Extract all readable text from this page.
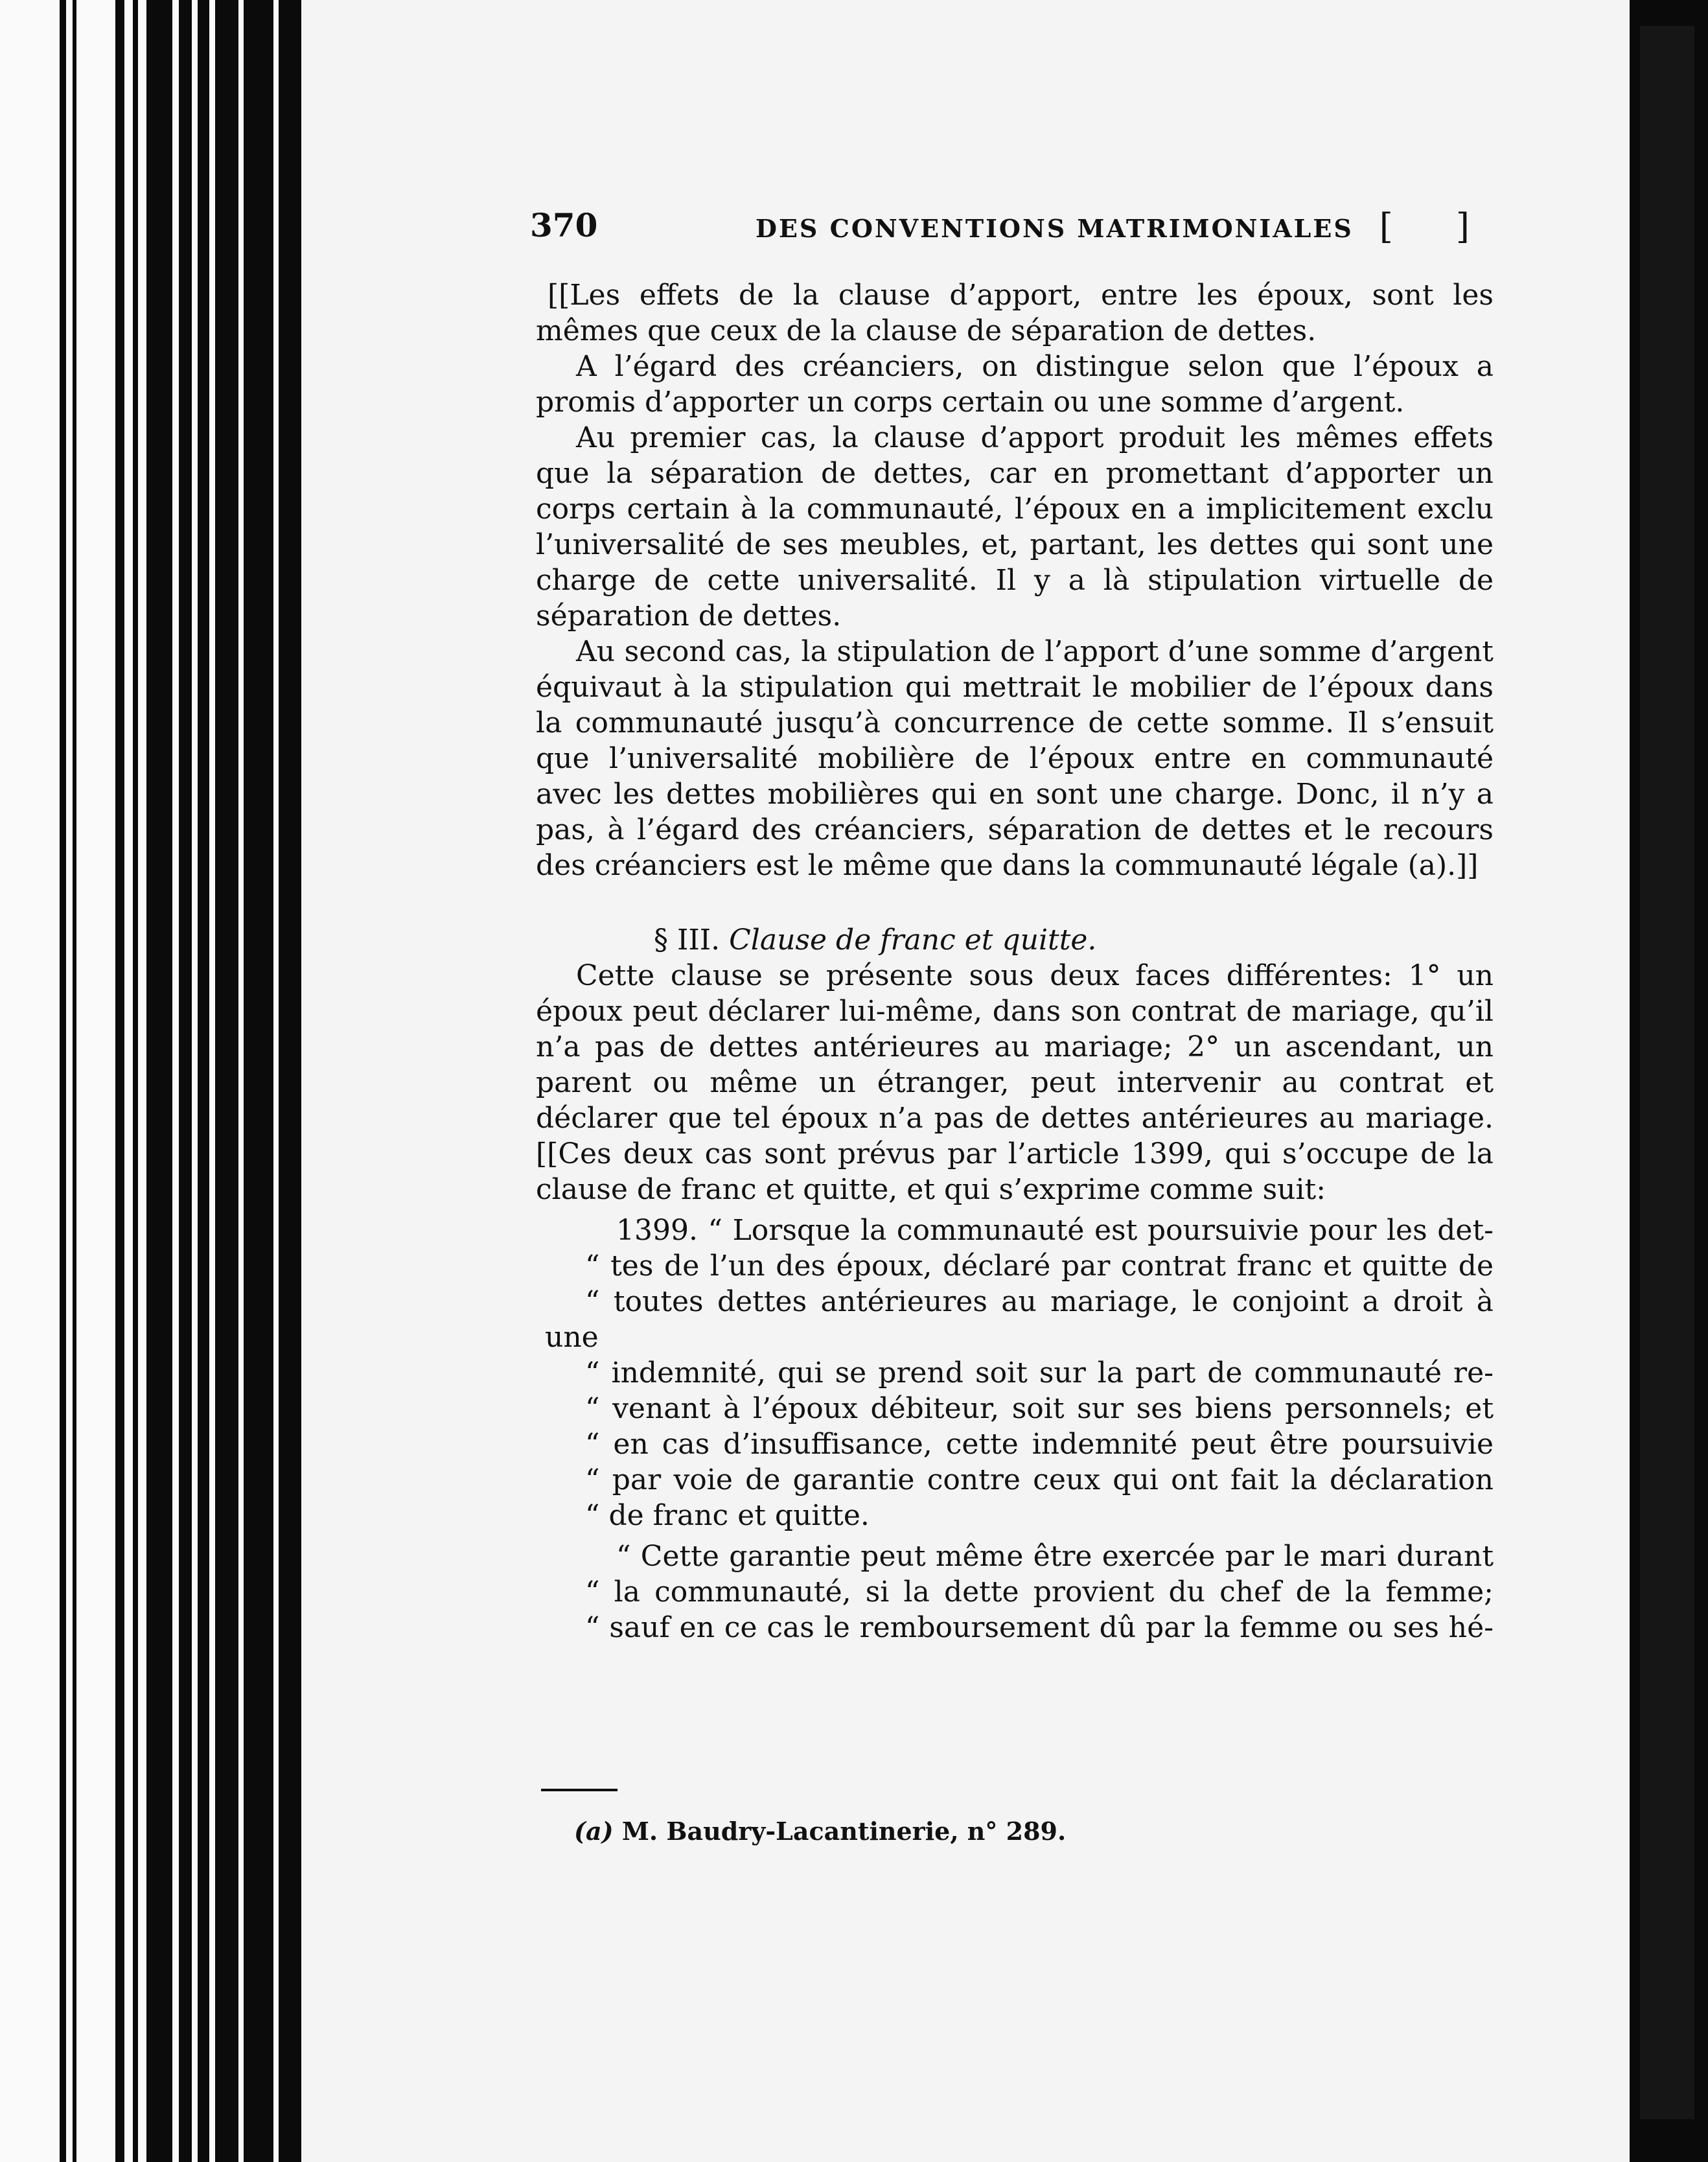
370	DES CONVENTIONS MATRIMONIALES [ ]

[[Les effets de la clause d’apport, entre les époux, sont les mêmes que ceux de la clause de séparation de dettes.

A l’égard des créanciers, on distingue selon que l’époux a promis d’apporter un corps certain ou une somme d’argent.

Au premier cas, la clause d’apport produit les mêmes effets que la séparation de dettes, car en promettant d’apporter un corps certain à la communauté, l’époux en a implicitement exclu l’universalité de ses meubles, et, partant, les dettes qui sont une charge de cette universalité. Il y a là stipulation virtuelle de séparation de dettes.

Au second cas, la stipulation de l’apport d’une somme d’argent équivaut à la stipulation qui mettrait le mobilier de l’époux dans la communauté jusqu’à concurrence de cette somme. Il s’ensuit que l’universalité mobilière de l’époux entre en communauté avec les dettes mobilières qui en sont une charge. Donc, il n’y a pas, à l’égard des créanciers, séparation de dettes et le recours des créanciers est le même que dans la communauté légale (a).]]

§ III. Clause de franc et quitte.

Cette clause se présente sous deux faces différentes: 1° un époux peut déclarer lui-même, dans son contrat de mariage, qu’il n’a pas de dettes antérieures au mariage; 2° un ascendant, un parent ou même un étranger, peut intervenir au contrat et déclarer que tel époux n’a pas de dettes antérieures au mariage. [[Ces deux cas sont prévus par l’article 1399, qui s’occupe de la clause de franc et quitte, et qui s’exprime comme suit:

1399. “ Lorsque la communauté est poursuivie pour les det-

“ tes de l’un des époux, déclaré par contrat franc et quitte de

“ toutes dettes antérieures au mariage, le conjoint a droit à une

“ indemnité, qui se prend soit sur la part de communauté re-

“ venant à l’époux débiteur, soit sur ses biens personnels; et

“ en cas d’insuffisance, cette indemnité peut être poursuivie

“ par voie de garantie contre ceux qui ont fait la déclaration

“ de franc et quitte.

“ Cette garantie peut même être exercée par le mari durant

“ la communauté, si la dette provient du chef de la femme;

“ sauf en ce cas le remboursement dû par la femme ou ses hé-

(a) M. Baudry-Lacantinerie, n° 289.
